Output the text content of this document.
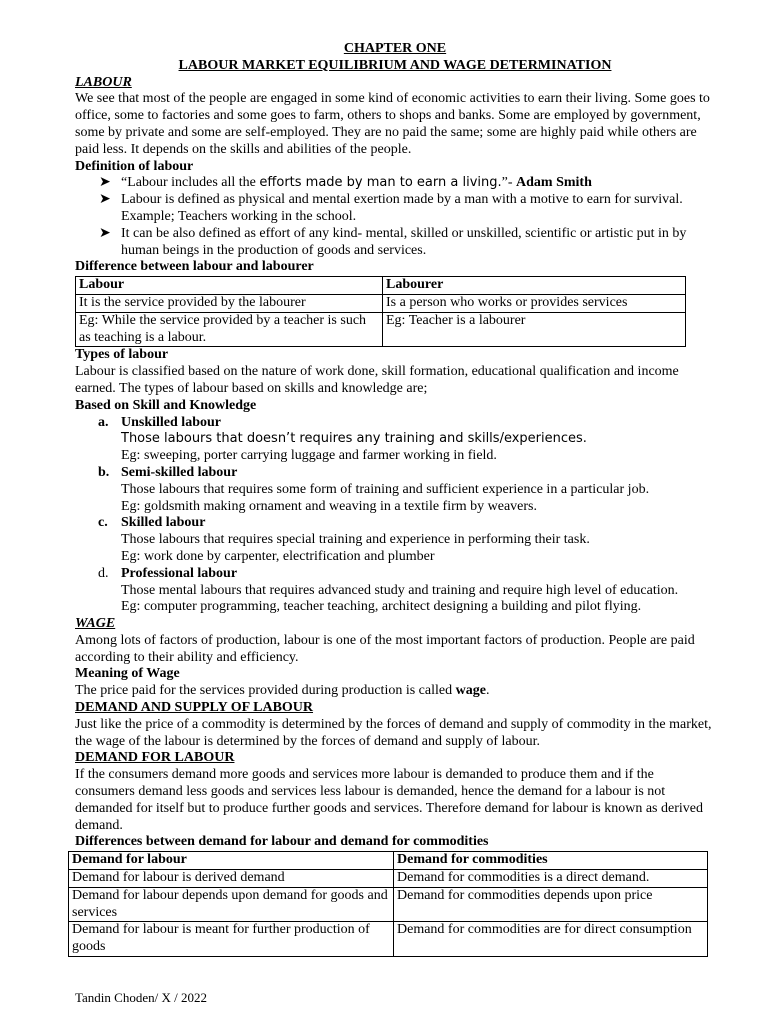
CHAPTER ONE
LABOUR MARKET EQUILIBRIUM AND WAGE DETERMINATION
LABOUR

We see that most of the people are engaged in some kind of economic activities to earn their living. Some goes to office, some to factories and some goes to farm, others to shops and banks. Some are employed by government, some by private and some are self-employed. They are no paid the same; some are highly paid while others are paid less. It depends on the skills and abilities of the people.

Definition of labour
➤ “Labour includes all the efforts made by man to earn a living.”- Adam Smith
➤ Labour is defined as physical and mental exertion made by a man with a motive to earn for survival. Example; Teachers working in the school.
➤ It can be also defined as effort of any kind- mental, skilled or unskilled, scientific or artistic put in by human beings in the production of goods and services.
Difference between labour and labourer
Labour	Labourer
It is the service provided by the labourer	Is a person who works or provides services
Eg: While the service provided by a teacher is such as teaching is a labour.	Eg: Teacher is a labourer
Types of labour

Labour is classified based on the nature of work done, skill formation, educational qualification and income earned. The types of labour based on skills and knowledge are;

Based on Skill and Knowledge
a. Unskilled labour
Those labours that doesn’t requires any training and skills/experiences.
Eg: sweeping, porter carrying luggage and farmer working in field.
b. Semi-skilled labour
Those labours that requires some form of training and sufficient experience in a particular job.
Eg: goldsmith making ornament and weaving in a textile firm by weavers.
c. Skilled labour
Those labours that requires special training and experience in performing their task.
Eg: work done by carpenter, electrification and plumber
d. Professional labour
Those mental labours that requires advanced study and training and require high level of education.
Eg: computer programming, teacher teaching, architect designing a building and pilot flying.
WAGE

Among lots of factors of production, labour is one of the most important factors of production. People are paid according to their ability and efficiency.

Meaning of Wage

The price paid for the services provided during production is called wage.

DEMAND AND SUPPLY OF LABOUR

Just like the price of a commodity is determined by the forces of demand and supply of commodity in the market, the wage of the labour is determined by the forces of demand and supply of labour.

DEMAND FOR LABOUR

If the consumers demand more goods and services more labour is demanded to produce them and if the consumers demand less goods and services less labour is demanded, hence the demand for a labour is not demanded for itself but to produce further goods and services. Therefore demand for labour is known as derived demand.

Differences between demand for labour and demand for commodities
Demand for labour	Demand for commodities
Demand for labour is derived demand	Demand for commodities is a direct demand.
Demand for labour depends upon demand for goods and services	Demand for commodities depends upon price
Demand for labour is meant for further production of goods	Demand for commodities are for direct consumption
Tandin Choden/ X / 2022
